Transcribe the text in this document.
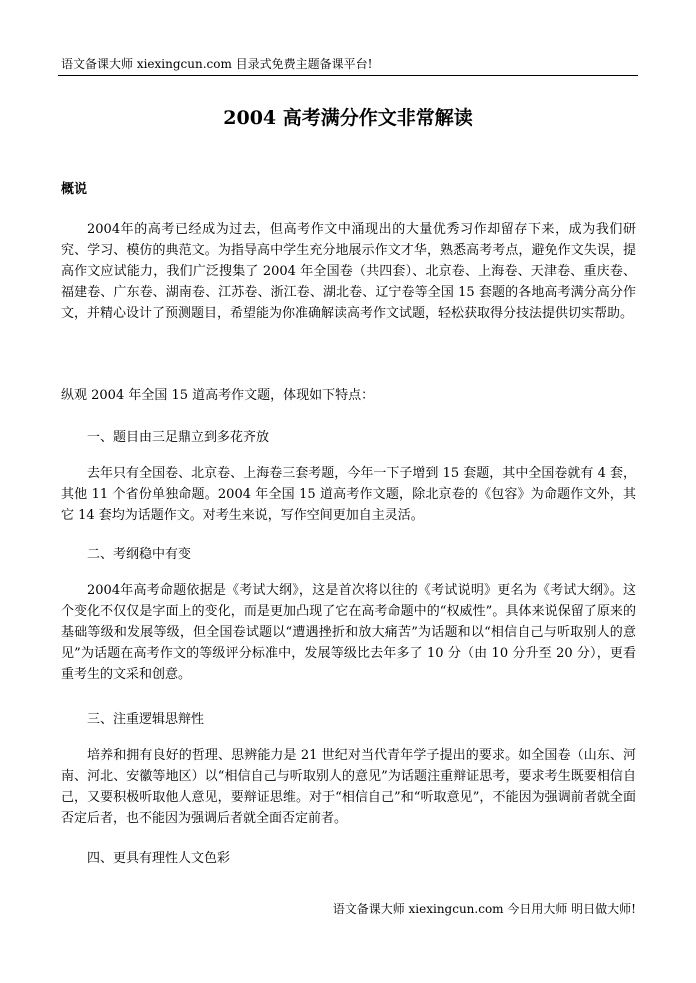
语文备课大师 xiexingcun.com 目录式免费主题备课平台!
2004 高考满分作文非常解读
概说

2004年的高考已经成为过去，但高考作文中涌现出的大量优秀习作却留存下来，成为我们研究、学习、模仿的典范文。为指导高中学生充分地展示作文才华，熟悉高考考点，避免作文失误，提高作文应试能力，我们广泛搜集了 2004 年全国卷（共四套）、北京卷、上海卷、天津卷、重庆卷、福建卷、广东卷、湖南卷、江苏卷、浙江卷、湖北卷、辽宁卷等全国 15 套题的各地高考满分高分作文，并精心设计了预测题目，希望能为你准确解读高考作文试题，轻松获取得分技法提供切实帮助。

纵观 2004 年全国 15 道高考作文题，体现如下特点：
一、题目由三足鼎立到多花齐放

去年只有全国卷、北京卷、上海卷三套考题，今年一下子增到 15 套题，其中全国卷就有 4 套，其他 11 个省份单独命题。2004 年全国 15 道高考作文题，除北京卷的《包容》为命题作文外，其它 14 套均为话题作文。对考生来说，写作空间更加自主灵活。

二、考纲稳中有变

2004年高考命题依据是《考试大纲》，这是首次将以往的《考试说明》更名为《考试大纲》。这个变化不仅仅是字面上的变化，而是更加凸现了它在高考命题中的“权威性”。具体来说保留了原来的基础等级和发展等级，但全国卷试题以“遭遇挫折和放大痛苦”为话题和以“相信自己与听取别人的意见”为话题在高考作文的等级评分标准中，发展等级比去年多了 10 分（由 10 分升至 20 分），更看重考生的文采和创意。

三、注重逻辑思辩性

培养和拥有良好的哲理、思辨能力是 21 世纪对当代青年学子提出的要求。如全国卷（山东、河南、河北、安徽等地区）以“相信自己与听取别人的意见”为话题注重辩证思考，要求考生既要相信自己，又要积极听取他人意见，要辩证思维。对于“相信自己”和“听取意见”，不能因为强调前者就全面否定后者，也不能因为强调后者就全面否定前者。

四、更具有理性人文色彩
语文备课大师 xiexingcun.com 今日用大师 明日做大师!
